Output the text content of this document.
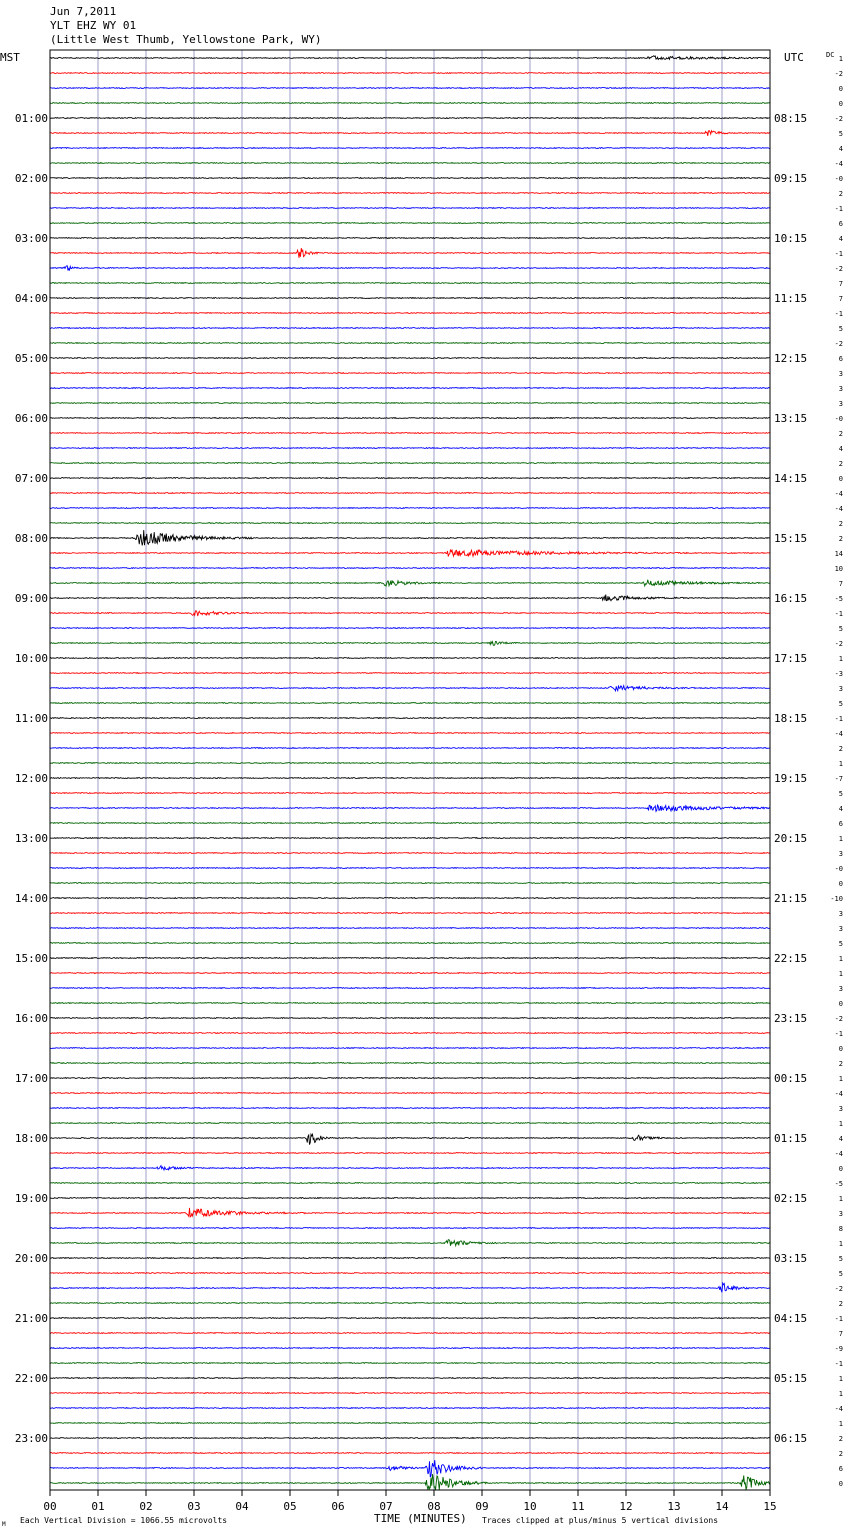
Jun 7,2011
YLT EHZ WY 01
(Little West Thumb, Yellowstone Park, WY)
01:00
02:00
03:00
04:00
05:00
06:00
07:00
08:00
09:00
10:00
11:00
12:00
13:00
14:00
15:00
16:00
17:00
18:00
19:00
20:00
21:00
22:00
23:00
08:15
09:15
10:15
11:15
12:15
13:15
14:15
15:15
16:15
17:15
18:15
19:15
20:15
21:15
22:15
23:15
00:15
01:15
02:15
03:15
04:15
05:15
06:15
1
-2
0
0
-2
5
4
-4
-0
2
-1
6
4
-1
-2
7
7
-1
5
-2
6
3
3
3
-0
2
4
2
0
-4
-4
2
2
14
10
7
-5
-1
5
-2
1
-3
3
5
-1
-4
2
1
-7
5
4
6
1
3
-0
0
-10
3
3
5
1
1
3
0
-2
-1
0
2
1
-4
3
1
4
-4
0
-5
1
3
8
1
5
5
-2
2
-1
7
-9
-1
1
1
-4
1
2
2
6
0
00	01	02	03	04	05	06	07	08	09	10	11	12	13	14	15
MST	UTC	DC
TIME (MINUTES)
Each Vertical Division = 1066.55 microvolts	Traces clipped at plus/minus 5 vertical divisions
M
